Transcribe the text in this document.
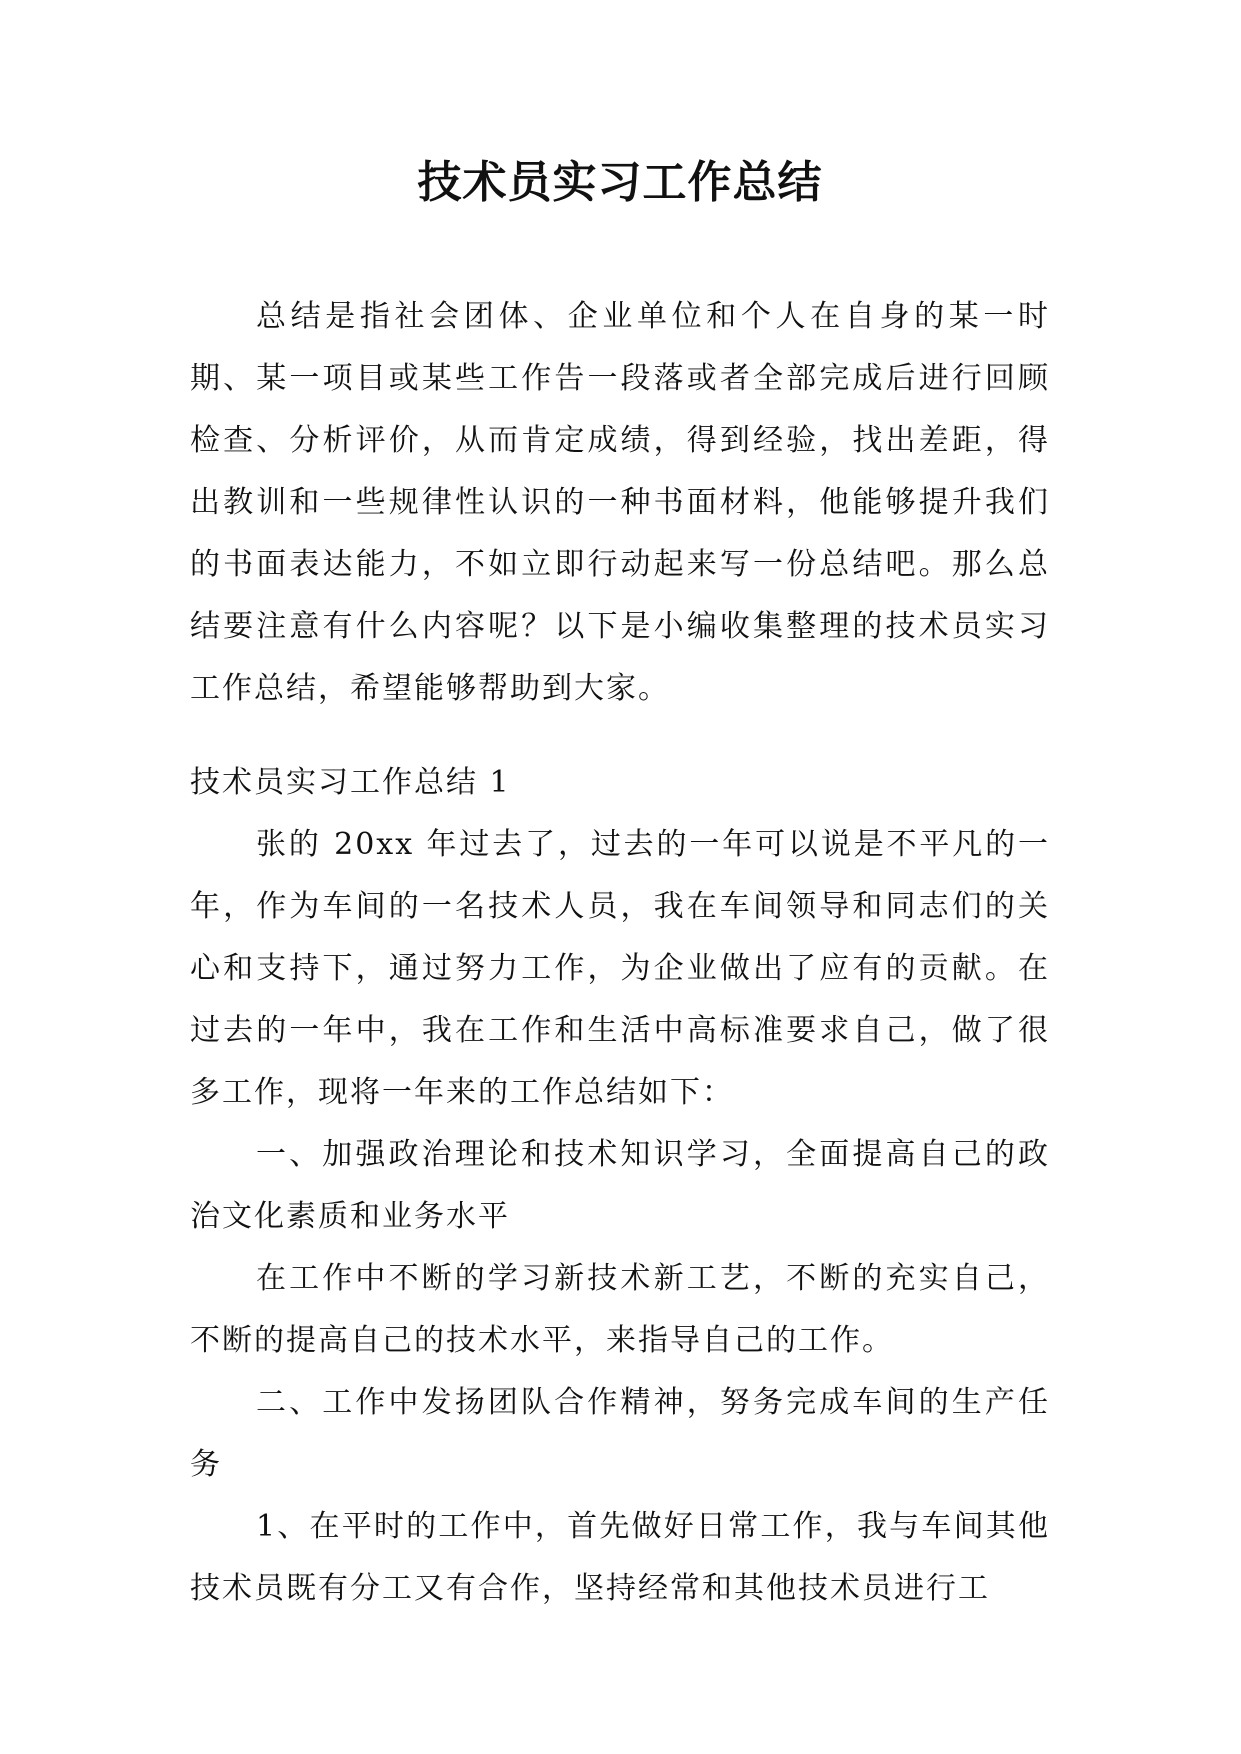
技术员实习工作总结

总结是指社会团体、企业单位和个人在自身的某一时期、某一项目或某些工作告一段落或者全部完成后进行回顾检查、分析评价，从而肯定成绩，得到经验，找出差距，得出教训和一些规律性认识的一种书面材料，他能够提升我们的书面表达能力，不如立即行动起来写一份总结吧。那么总结要注意有什么内容呢？以下是小编收集整理的技术员实习工作总结，希望能够帮助到大家。

技术员实习工作总结 1

张的 20xx 年过去了，过去的一年可以说是不平凡的一年，作为车间的一名技术人员，我在车间领导和同志们的关心和支持下，通过努力工作，为企业做出了应有的贡献。在过去的一年中，我在工作和生活中高标准要求自己，做了很多工作，现将一年来的工作总结如下：

一、加强政治理论和技术知识学习，全面提高自己的政治文化素质和业务水平

在工作中不断的学习新技术新工艺，不断的充实自己，不断的提高自己的技术水平，来指导自己的工作。

二、工作中发扬团队合作精神，努务完成车间的生产任务

1、在平时的工作中，首先做好日常工作，我与车间其他技术员既有分工又有合作，坚持经常和其他技术员进行工
